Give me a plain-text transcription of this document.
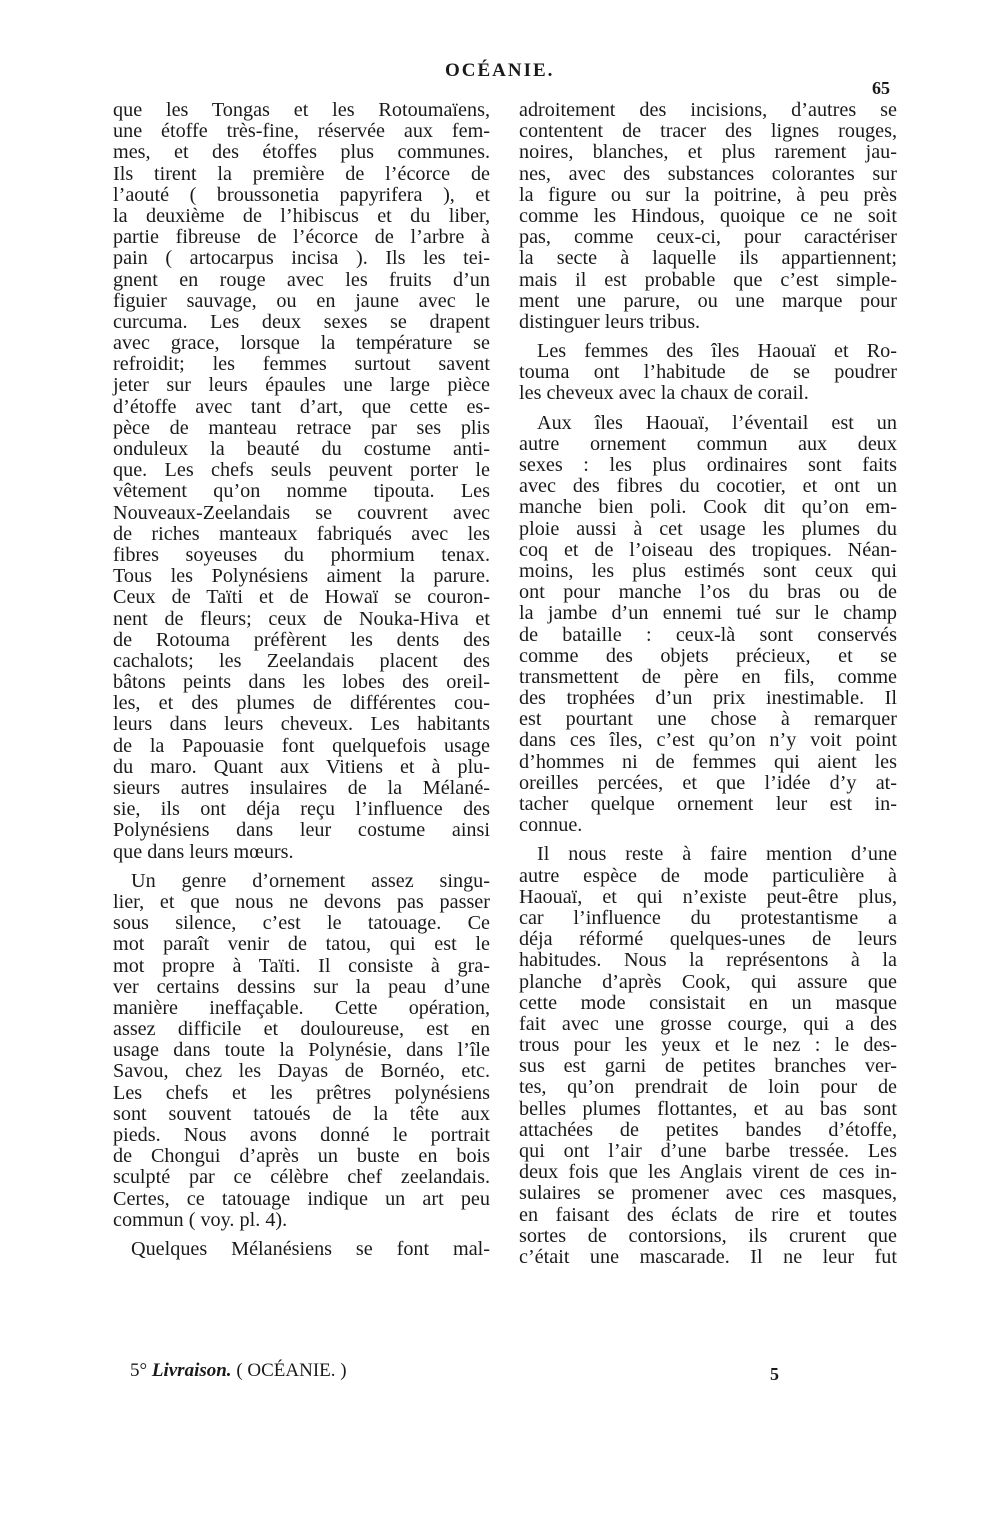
OCÉANIE.
65
que les Tongas et les Rotoumaïens,
une étoffe très-fine, réservée aux fem-
mes, et des étoffes plus communes.
Ils tirent la première de l’écorce de
l’aouté ( broussonetia papyrifera ), et
la deuxième de l’hibiscus et du liber,
partie fibreuse de l’écorce de l’arbre à
pain ( artocarpus incisa ). Ils les tei-
gnent en rouge avec les fruits d’un
figuier sauvage, ou en jaune avec le
curcuma. Les deux sexes se drapent
avec grace, lorsque la température se
refroidit; les femmes surtout savent
jeter sur leurs épaules une large pièce
d’étoffe avec tant d’art, que cette es-
pèce de manteau retrace par ses plis
onduleux la beauté du costume anti-
que. Les chefs seuls peuvent porter le
vêtement qu’on nomme tipouta. Les
Nouveaux-Zeelandais se couvrent avec
de riches manteaux fabriqués avec les
fibres soyeuses du phormium tenax.
Tous les Polynésiens aiment la parure.
Ceux de Taïti et de Howaï se couron-
nent de fleurs; ceux de Nouka-Hiva et
de Rotouma préfèrent les dents des
cachalots; les Zeelandais placent des
bâtons peints dans les lobes des oreil-
les, et des plumes de différentes cou-
leurs dans leurs cheveux. Les habitants
de la Papouasie font quelquefois usage
du maro. Quant aux Vitiens et à plu-
sieurs autres insulaires de la Mélané-
sie, ils ont déja reçu l’influence des
Polynésiens dans leur costume ainsi
que dans leurs mœurs.
Un genre d’ornement assez singu-
lier, et que nous ne devons pas passer
sous silence, c’est le tatouage. Ce
mot paraît venir de tatou, qui est le
mot propre à Taïti. Il consiste à gra-
ver certains dessins sur la peau d’une
manière ineffaçable. Cette opération,
assez difficile et douloureuse, est en
usage dans toute la Polynésie, dans l’île
Savou, chez les Dayas de Bornéo, etc.
Les chefs et les prêtres polynésiens
sont souvent tatoués de la tête aux
pieds. Nous avons donné le portrait
de Chongui d’après un buste en bois
sculpté par ce célèbre chef zeelandais.
Certes, ce tatouage indique un art peu
commun ( voy. pl. 4).
Quelques Mélanésiens se font mal-
adroitement des incisions, d’autres se
contentent de tracer des lignes rouges,
noires, blanches, et plus rarement jau-
nes, avec des substances colorantes sur
la figure ou sur la poitrine, à peu près
comme les Hindous, quoique ce ne soit
pas, comme ceux-ci, pour caractériser
la secte à laquelle ils appartiennent;
mais il est probable que c’est simple-
ment une parure, ou une marque pour
distinguer leurs tribus.
Les femmes des îles Haouaï et Ro-
touma ont l’habitude de se poudrer
les cheveux avec la chaux de corail.
Aux îles Haouaï, l’éventail est un
autre ornement commun aux deux
sexes : les plus ordinaires sont faits
avec des fibres du cocotier, et ont un
manche bien poli. Cook dit qu’on em-
ploie aussi à cet usage les plumes du
coq et de l’oiseau des tropiques. Néan-
moins, les plus estimés sont ceux qui
ont pour manche l’os du bras ou de
la jambe d’un ennemi tué sur le champ
de bataille : ceux-là sont conservés
comme des objets précieux, et se
transmettent de père en fils, comme
des trophées d’un prix inestimable. Il
est pourtant une chose à remarquer
dans ces îles, c’est qu’on n’y voit point
d’hommes ni de femmes qui aient les
oreilles percées, et que l’idée d’y at-
tacher quelque ornement leur est in-
connue.
Il nous reste à faire mention d’une
autre espèce de mode particulière à
Haouaï, et qui n’existe peut-être plus,
car l’influence du protestantisme a
déja réformé quelques-unes de leurs
habitudes. Nous la représentons à la
planche d’après Cook, qui assure que
cette mode consistait en un masque
fait avec une grosse courge, qui a des
trous pour les yeux et le nez : le des-
sus est garni de petites branches ver-
tes, qu’on prendrait de loin pour de
belles plumes flottantes, et au bas sont
attachées de petites bandes d’étoffe,
qui ont l’air d’une barbe tressée. Les
deux fois que les Anglais virent de ces in-
sulaires se promener avec ces masques,
en faisant des éclats de rire et toutes
sortes de contorsions, ils crurent que
c’était une mascarade. Il ne leur fut
5° Livraison. ( OCÉANIE. )	5
